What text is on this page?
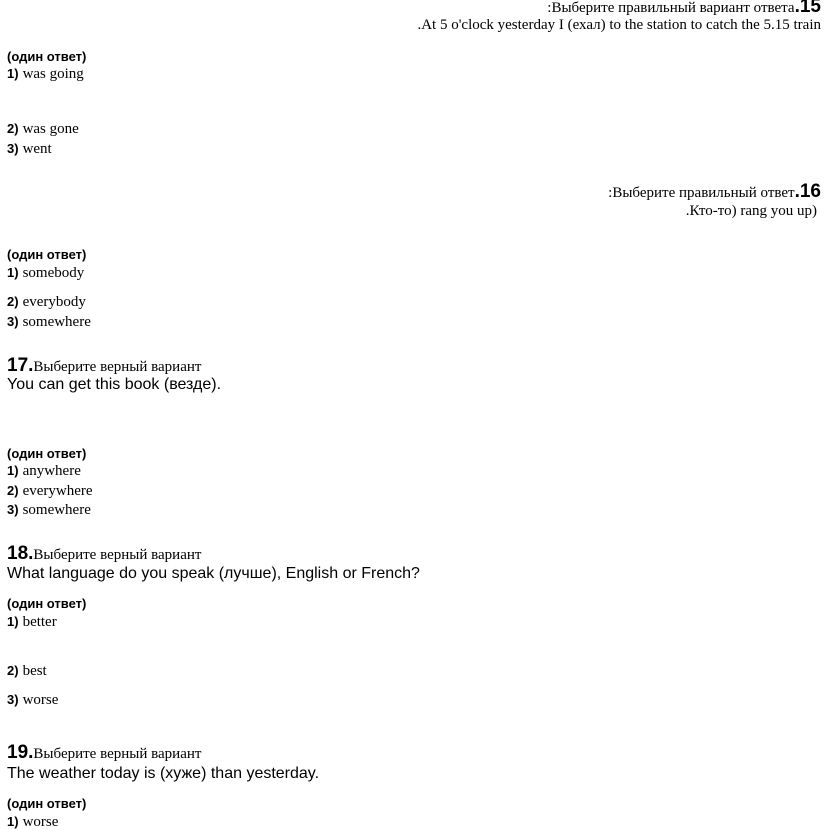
:Выберите правильный вариант ответа.15
.At 5 o'clock yesterday I (ехал) to the station to catch the 5.15 train
(один ответ)
1) was going
2) was gone
3) went
:Выберите правильный ответ.16
.Кто-то) rang you up)
(один ответ)
1) somebody
2) everybody
3) somewhere
17.Выберите верный вариант
You can get this book (везде).
(один ответ)
1) anywhere
2) everywhere
3) somewhere
18.Выберите верный вариант
What language do you speak (лучше), English or French?
(один ответ)
1) better
2) best
3) worse
19.Выберите верный вариант
The weather today is (хуже) than yesterday.
(один ответ)
1) worse
